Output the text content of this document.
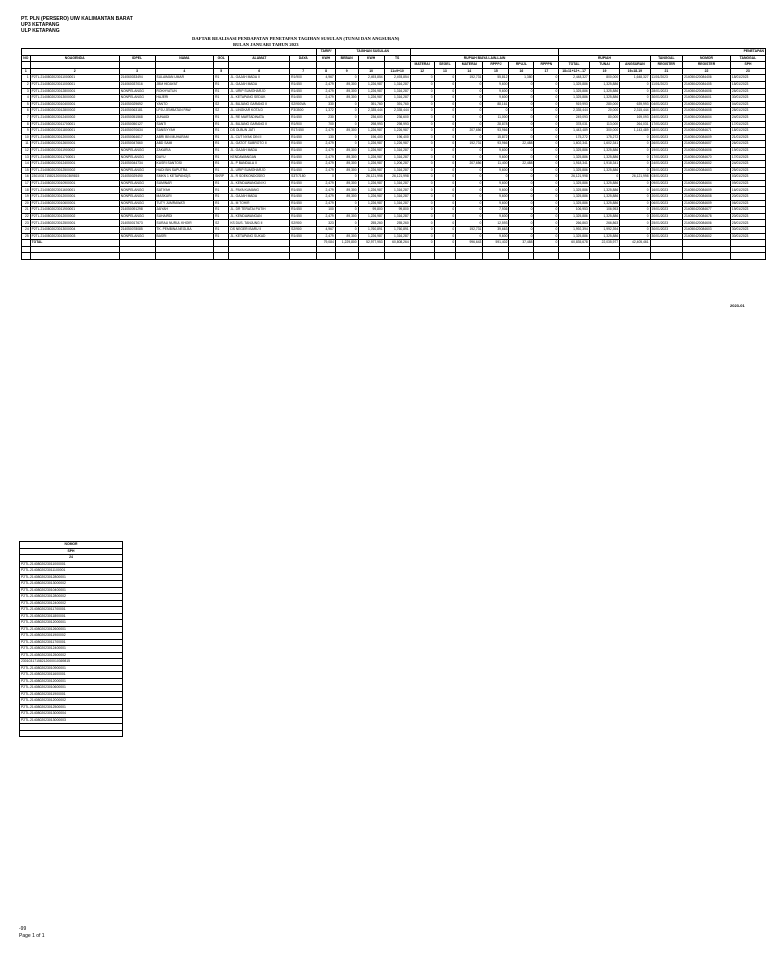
PT. PLN (PERSERO) UIW KALIMANTAN BARAT
UP3 KETAPANG
ULP KETAPANG
DAFTAR REALISASI PENDAPATAN PENETAPAN TAGIHAN SUSULAN (TUNAI DAN ANGSURAN)
BULAN JANUARI TAHUN 2023
							TARIF/	TAGIHAN SUSULAN									PENETAPAN					
NO	NOAGENDA	IDPEL	NAMA	GOL	ALAMAT	DAYA	KWH	BEBAN	KWH	TS	RUPIAH BIAYA LAIN-LAIN						RUPIAH			TANGGAL	NOMOR	TANGGAL
											MATERAI	SEGEL	MATERAI	RPPPJ	RPUJL	RPPPN	TOTAL	TUNAI	ANGSURAN	REGISTER	REGISTER	SPH
1	2	3	4	5	6	7	8	9	10	11=9+10	12	13	14	15	16	17	18=11+12+...17	19	19=18-19	21	22	23
1	P2TL.2140802023011000001	214060033494	SULAIMAN UMAR	R1	JL. GAJAH MADA II	R1/900	4,967	0	2,493,854	2,493,854	0	0	192,731	55,812	1,380	0	2,448,327	800,000	1,648,327	11/01/2023	214050420084406	18/01/2023
2	P2TL.2140802023011000001	214060037016	JBM HIDAYAT	R1	JL. GAJAH MADA	R1/450	2,479	89,300	1,226,987	1,316,287	0	0	0	9,600	0	0	1,325,886	1,325,886	0	11/01/2023	214050420084405	18/01/2023
3	P2TL.2140802023012800001	NONPELANGG	ROKHYATUN	R1	JL. URIP SUMOHARJO	R1/450	2,479	89,300	1,226,987	1,316,287	0	0	0	9,600	0	0	1,325,886	1,325,886	0	28/01/2023	214050420084606	28/01/2023
4	P2TL.2140802023013000002	NONPELANGG	HAJERI	R1	JL. KETAPANG SEDUK	R1/450	2,479	89,300	1,226,987	1,316,287	0	0	0	9,600	0	0	1,325,886	1,325,886	0	30/01/2023	214050420084601	30/01/2023
5	P2TL.2140802023010400001	214050029692	YANTO	S2	JL. BUJANG GARANG II	S2/900VA	330	0	391,760	391,760	0	0	0	88,161	0	0	919,993	280,000	639,993	04/01/2023	214050420084602	04/01/2023
6	P2TL.2140802023012800002	214050063181	LPJU JEMBATAN PAW	S2	JL. LINGKAR KOTA D	P3/3500	1,372	0	2,335,444	2,335,444	0	0	0	0	0	0	2,335,444	20,000	2,315,444	28/01/2023	214050420084608	28/01/2023
7	P2TL.2140802023012400002	214050051568	JUNAIDI	R1	JL. RE MARTADINATA	R1/450	230	0	236,600	236,600	0	0	0	11,000	0	0	249,093	80,000	169,093	24/01/2023	214050420084604	24/01/2023
8	P2TL.2140802023011700001	214050050127	SANTI	R1	JL. BUJANG GARANG II	R1/900	700	0	298,993	298,993	0	0	0	28,878	0	0	378,031	113,000	264,031	17/01/2023	214050420084607	17/01/2023
9	P2TL.2140802023011800001	214050070634	SANSIYYAH	R1	DS OLBUN JATI	R1T/450	2,479	89,300	1,226,987	1,226,987	0	0	207,656	93,966	0	0	1,443,489	300,000	1,143,489	18/01/2023	214050420084671	18/01/2023
10	P2TL.2140802023012000001	214050064617	ABRI BIN MUHARAM	R1	JL. CUT NYAK DIN II	R1/450	130	0	196,400	196,400	0	0	0	15,872	0	0	175,272	175,272	0	20/01/2023	214050420084609	21/01/2023
11	P2TL.2140802023012600001	214050047660	ABD SAMI	R1	JL. GATOT SUBROTO II	R1/450	2,479	0	1,226,987	1,226,987	0	0	192,731	93,966	22,488	0	1,602,341	1,602,341	0	26/01/2023	214050420084607	26/01/2023
12	P2TL.2140802023011900002	NONPELANGG	ZAKARIA	R1	JL. GAJAH MADA	R1/450	2,479	89,300	1,226,987	1,316,287	0	0	0	9,600	0	0	1,325,886	1,325,886	0	19/01/2023	214050420084606	19/01/2023
13	P2TL.2140802023011700001	NONPELANGG	DAYU	R1	KENDAWANGAN	R1/450	2,479	89,300	1,226,987	1,316,287	0	0	0	9,600	0	0	1,325,886	1,325,886	0	17/01/2023	214050420084670	17/01/2023
14	P2TL.2140802023012400001	214050044734	KUSRI SANTOSI	R1	JL. P BANDALA II	R1/450	2,479	89,300	1,226,987	1,206,287	0	0	207,656	11,400	22,488	0	1,918,341	1,918,341	0	24/01/2023	214050420084602	24/01/2023
15	P2TL.2140802023012500002	NONPELANGG	HADI BIN SAPUTRA	R1	JL. URIP SUMOHARJO	R1/450	2,479	89,300	1,226,987	1,316,287	0	0	0	9,600	0	0	1,325,886	1,325,886	0	25/01/2023	214050420084603	25/01/2023
16	23010317158212000010369815	214050029490	SMKN 1 KETAPANG(S	SKRP	JL. R SOEKONDGSEO	S3T/7180	0	0	26,121,998	26,121,998	0	0	0	0	0	0	26,121,998	0	26,121,998	03/01/2023		03/01/2023
17	P2TL.2140802023010900001	NONPELANGG	SUMINAR	R1	JL. KENDAWANGAN KI	R1/450	2,479	89,300	1,226,987	1,316,287	0	0	0	9,600	0	0	1,325,886	1,325,886	0	09/01/2023	214050420084604	09/01/2023
18	P2TL.2140802023011600001	NONPELANGG	SATIYAH	R1	JL. PAYA KUMANG	R1/450	2,479	89,300	1,226,987	1,316,287	0	0	0	9,600	0	0	1,325,886	1,325,886	0	16/01/2023	214050420084609	16/01/2023
19	P2TL.2140802023012000001	NONPELANGG	MASKURI	R1	JL. GAJAH MADA	R1/450	2,479	89,300	1,226,987	1,316,287	0	0	0	9,600	0	0	1,325,886	1,325,886	0	20/01/2023	214050420084608	20/01/2023
20	P2TL.2140802023010600001	NONPELANGG	TUTY JUMRAWATI	R1	JL. M TOHIR	R1/450	2,479	0	1,226,987	1,316,287	0	0	0	9,600	0	0	1,325,886	1,325,886	0	06/01/2023	214050420084609	06/01/2023
21	P2TL.2140802023011900001	214050091298	JAIYAH	R1	JL. DR TERATAI PUTIH	R1/450	100	0	99,800	99,800	0	0	0	7,936	0	0	106,953	106,953	0	19/01/2023	214050420084677	19/01/2023
22	P2TL.2140802023012000002	NONPELANGG	SUHAIRDI	R1	JL. KENDAWANGAN	R1/450	2,479	89,300	1,226,987	1,316,287	0	0	0	9,600	0	0	1,325,886	1,325,886	0	20/01/2023	214050420084678	20/01/2023
23	P2TL.2140802023012500001	214050017673	SURAU NURUL KHOIR	S2	KS DUS. TANJUNG II	S2/900	323	0	255,260	255,260	0	0	0	12,593	0	0	266,863	266,863	0	25/01/2023	214050420084606	25/01/2023
24	P2TL.2140802023013000004	214050078085	TK. PEMBINA NEGLBA	R1	DS NEGERI BARU II	S2/900	4,967	0	1,760,891	1,760,891	0	0	192,731	39,663	0	0	1,992,394	1,992,394	0	30/01/2023	214050420084603	30/01/2023
25	P2TL.2140802023013000003	NONPELANGG	BASRI	R1	JL. KETAPANG SUKAD	R1/450	2,479	89,300	1,226,987	1,316,287	0	0	0	9,600	0	0	1,325,886	1,325,886	0	30/01/2023	214050420084602	30/01/2023
	TOTAL						79,084	1,229,800	52,977,953	60,808,264	0	0	996,643	591,402	37,488	0	60,835,678	22,035,977	42,405,461			

2023-01
NOMOR
SPH
24
P2TL.2140802023011000001
P2TL.2140802023011100001
P2TL.2140802023012800001
P2TL.2140802023013000002
P2TL.2140802023010400001
P2TL.2140802023012800002
P2TL.2140802023012400002
P2TL.2140802023011700001
P2TL.2140802023011800001
P2TL.2140802023012000001
P2TL.2140802023012600001
P2TL.2140802023011900002
P2TL.2140802023011700001
P2TL.2140802023012400001
P2TL.2140802023012500002
23010317158212000010369815
P2TL.2140802023010900001
P2TL.2140802023011600001
P2TL.2140802023012000001
P2TL.2140802023010600001
P2TL.2140802023011900001
P2TL.2140802023012000002
P2TL.2140802023012500001
P2TL.2140802023013000004
P2TL.2140802023013000003

-99
Page 1 of 1
